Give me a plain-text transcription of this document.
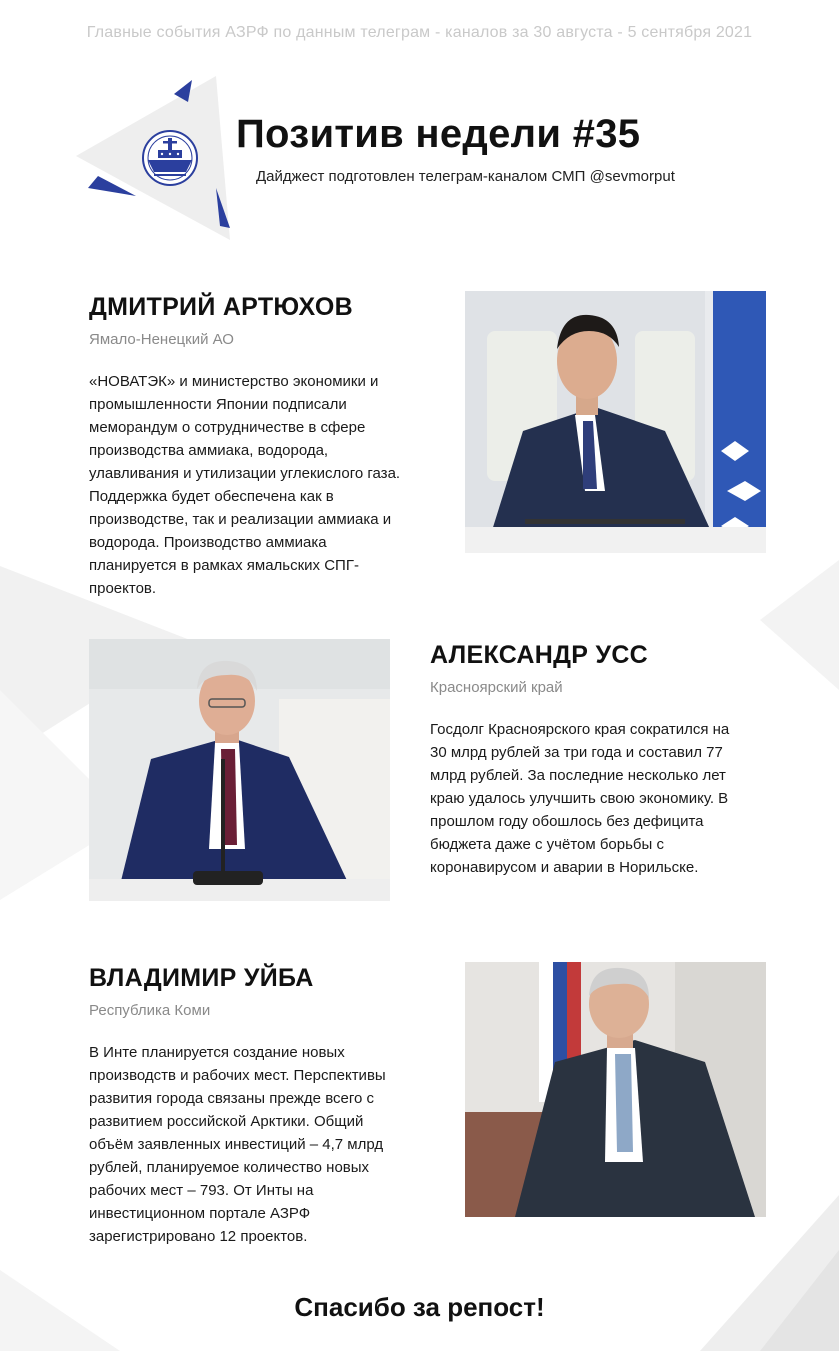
Главные события АЗРФ по данным телеграм - каналов за 30 августа - 5 сентября 2021
Позитив недели #35
Дайджест подготовлен телеграм-каналом СМП @sevmorput
ДМИТРИЙ АРТЮХОВ
Ямало-Ненецкий АО
«НОВАТЭК» и министерство экономики и
промышленности Японии подписали
меморандум о сотрудничестве в сфере
производства аммиака, водорода,
улавливания и утилизации углекислого газа.
Поддержка будет обеспечена как в
производстве, так и реализации аммиака и
водорода. Производство аммиака
планируется в рамках ямальских СПГ-
проектов.
АЛЕКСАНДР УСС
Красноярский край
Госдолг Красноярского края сократился на
30 млрд рублей за три года и составил 77
млрд рублей. За последние несколько лет
краю удалось улучшить свою экономику. В
прошлом году обошлось без дефицита
бюджета даже с учётом борьбы с
коронавирусом и аварии в Норильске.
ВЛАДИМИР УЙБА
Республика Коми
В Инте планируется создание новых
производств и рабочих мест. Перспективы
развития города связаны прежде всего с
развитием российской Арктики. Общий
объём заявленных инвестиций – 4,7 млрд
рублей, планируемое количество новых
рабочих мест – 793. От Инты на
инвестиционном портале АЗРФ
зарегистрировано 12 проектов.
Спасибо за репост!
